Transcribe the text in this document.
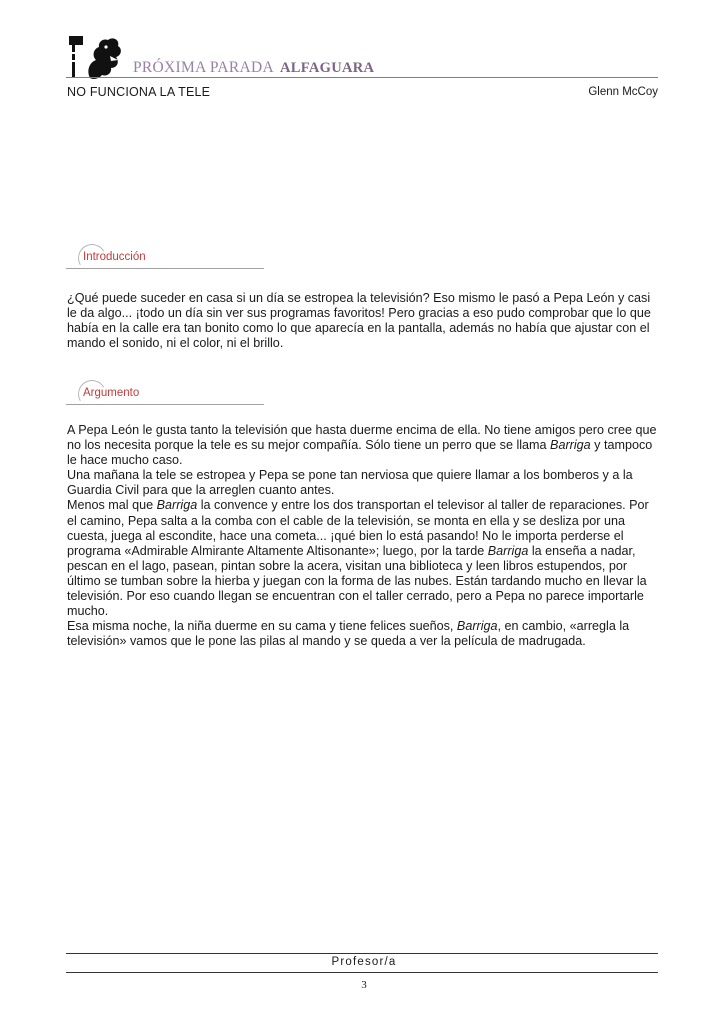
PRÓXIMA PARADA ALFAGUARA
NO FUNCIONA LA TELE	Glenn McCoy
Introducción

¿Qué puede suceder en casa si un día se estropea la televisión? Eso mismo le pasó a Pepa León y casi le da algo... ¡todo un día sin ver sus programas favoritos! Pero gracias a eso pudo comprobar que lo que había en la calle era tan bonito como lo que aparecía en la pantalla, además no había que ajustar con el mando el sonido, ni el color, ni el brillo.

Argumento

A Pepa León le gusta tanto la televisión que hasta duerme encima de ella. No tiene amigos pero cree que no los necesita porque la tele es su mejor compañía. Sólo tiene un perro que se llama Barriga y tampoco le hace mucho caso.

Una mañana la tele se estropea y Pepa se pone tan nerviosa que quiere llamar a los bomberos y a la Guardia Civil para que la arreglen cuanto antes.

Menos mal que Barriga la convence y entre los dos transportan el televisor al taller de reparaciones. Por el camino, Pepa salta a la comba con el cable de la televisión, se monta en ella y se desliza por una cuesta, juega al escondite, hace una cometa... ¡qué bien lo está pasando! No le importa perderse el programa «Admirable Almirante Altamente Altisonante»; luego, por la tarde Barriga la enseña a nadar, pescan en el lago, pasean, pintan sobre la acera, visitan una biblioteca y leen libros estupendos, por último se tumban sobre la hierba y juegan con la forma de las nubes. Están tardando mucho en llevar la televisión. Por eso cuando llegan se encuentran con el taller cerrado, pero a Pepa no parece importarle mucho.

Esa misma noche, la niña duerme en su cama y tiene felices sueños, Barriga, en cambio, «arregla la televisión» vamos que le pone las pilas al mando y se queda a ver la película de madrugada.

Profesor/a
3
